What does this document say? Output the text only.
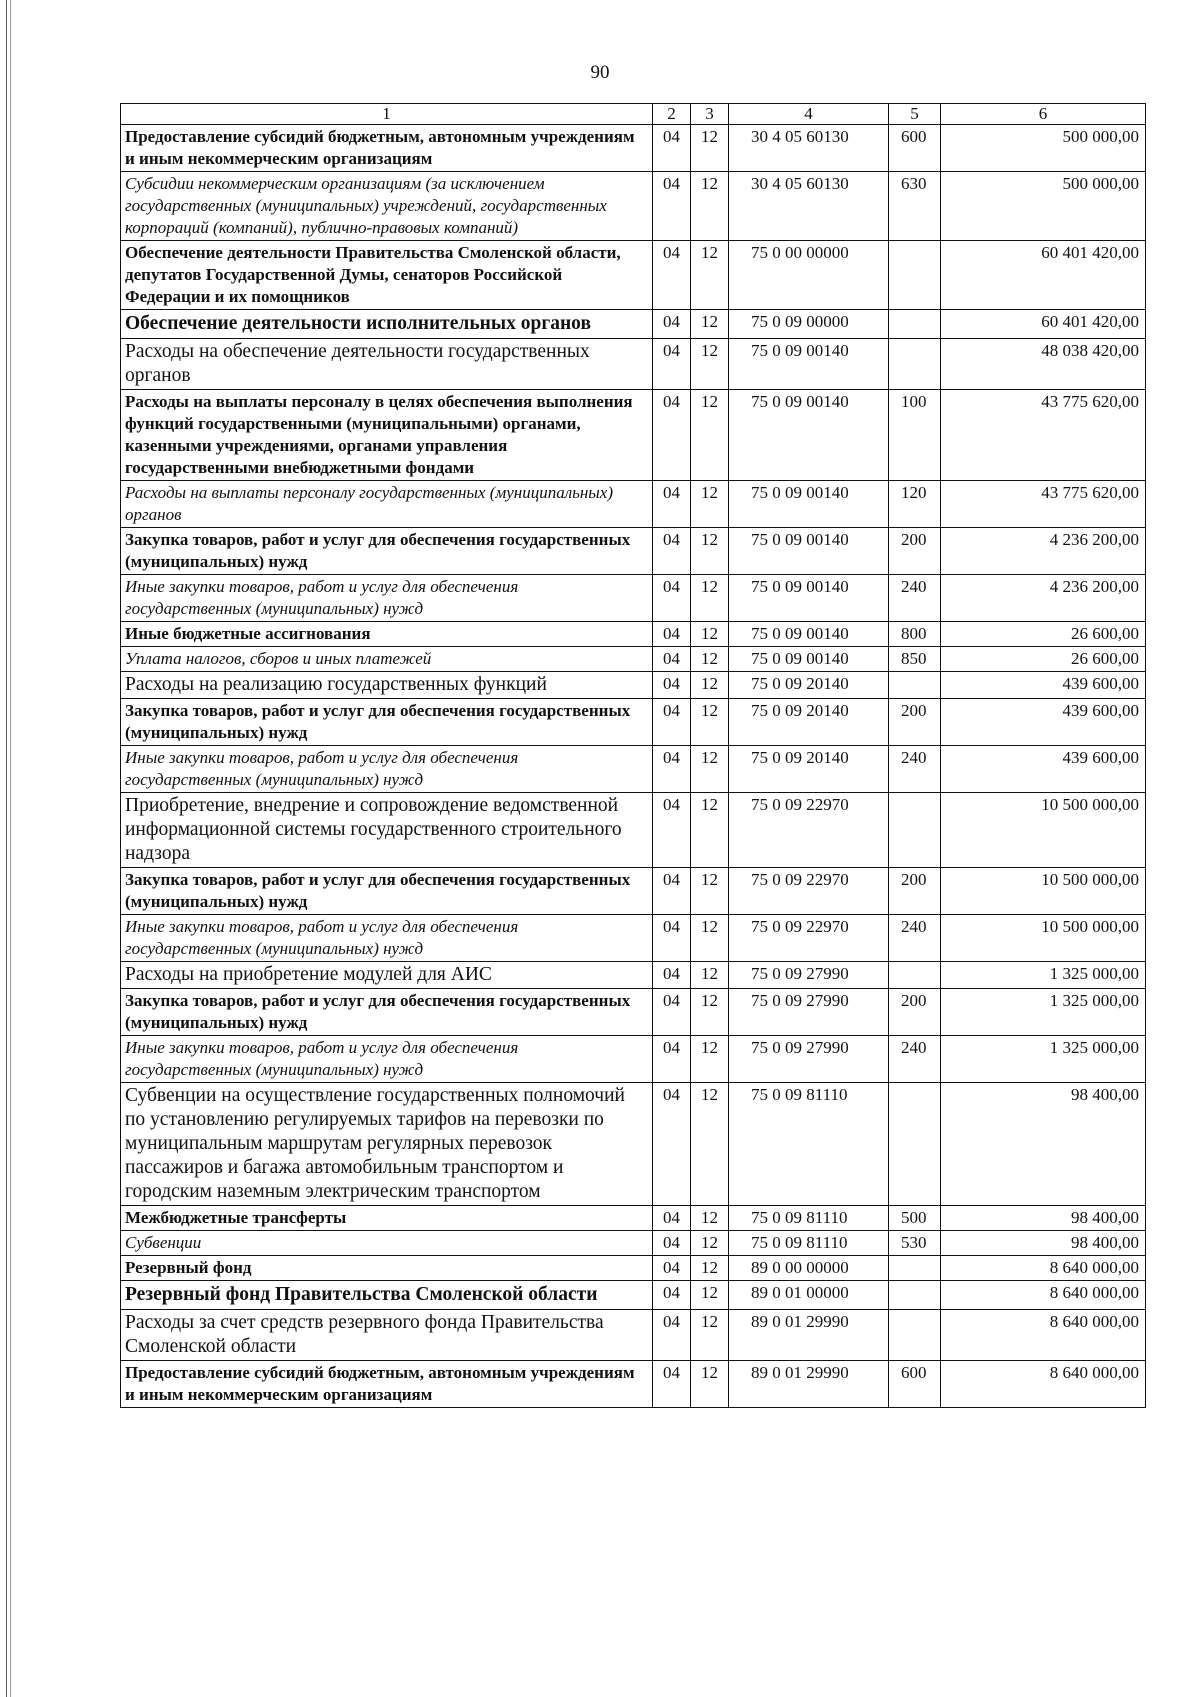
90
1	2	3	4	5	6
Предоставление субсидий бюджетным, автономным учреждениям и иным некоммерческим организациям	04	12	30 4 05 60130	600	500 000,00
Субсидии некоммерческим организациям (за исключением государственных (муниципальных) учреждений, государственных корпораций (компаний), публично-правовых компаний)	04	12	30 4 05 60130	630	500 000,00
Обеспечение деятельности Правительства Смоленской области, депутатов Государственной Думы, сенаторов Российской Федерации и их помощников	04	12	75 0 00 00000		60 401 420,00
Обеспечение деятельности исполнительных органов	04	12	75 0 09 00000		60 401 420,00
Расходы на обеспечение деятельности государственных органов	04	12	75 0 09 00140		48 038 420,00
Расходы на выплаты персоналу в целях обеспечения выполнения функций государственными (муниципальными) органами, казенными учреждениями, органами управления государственными внебюджетными фондами	04	12	75 0 09 00140	100	43 775 620,00
Расходы на выплаты персоналу государственных (муниципальных) органов	04	12	75 0 09 00140	120	43 775 620,00
Закупка товаров, работ и услуг для обеспечения государственных (муниципальных) нужд	04	12	75 0 09 00140	200	4 236 200,00
Иные закупки товаров, работ и услуг для обеспечения государственных (муниципальных) нужд	04	12	75 0 09 00140	240	4 236 200,00
Иные бюджетные ассигнования	04	12	75 0 09 00140	800	26 600,00
Уплата налогов, сборов и иных платежей	04	12	75 0 09 00140	850	26 600,00
Расходы на реализацию государственных функций	04	12	75 0 09 20140		439 600,00
Закупка товаров, работ и услуг для обеспечения государственных (муниципальных) нужд	04	12	75 0 09 20140	200	439 600,00
Иные закупки товаров, работ и услуг для обеспечения государственных (муниципальных) нужд	04	12	75 0 09 20140	240	439 600,00
Приобретение, внедрение и сопровождение ведомственной информационной системы государственного строительного надзора	04	12	75 0 09 22970		10 500 000,00
Закупка товаров, работ и услуг для обеспечения государственных (муниципальных) нужд	04	12	75 0 09 22970	200	10 500 000,00
Иные закупки товаров, работ и услуг для обеспечения государственных (муниципальных) нужд	04	12	75 0 09 22970	240	10 500 000,00
Расходы на приобретение модулей для АИС	04	12	75 0 09 27990		1 325 000,00
Закупка товаров, работ и услуг для обеспечения государственных (муниципальных) нужд	04	12	75 0 09 27990	200	1 325 000,00
Иные закупки товаров, работ и услуг для обеспечения государственных (муниципальных) нужд	04	12	75 0 09 27990	240	1 325 000,00
Субвенции на осуществление государственных полномочий по установлению регулируемых тарифов на перевозки по муниципальным маршрутам регулярных перевозок пассажиров и багажа автомобильным транспортом и городским наземным электрическим транспортом	04	12	75 0 09 81110		98 400,00
Межбюджетные трансферты	04	12	75 0 09 81110	500	98 400,00
Субвенции	04	12	75 0 09 81110	530	98 400,00
Резервный фонд	04	12	89 0 00 00000		8 640 000,00
Резервный фонд Правительства Смоленской области	04	12	89 0 01 00000		8 640 000,00
Расходы за счет средств резервного фонда Правительства Смоленской области	04	12	89 0 01 29990		8 640 000,00
Предоставление субсидий бюджетным, автономным учреждениям и иным некоммерческим организациям	04	12	89 0 01 29990	600	8 640 000,00
